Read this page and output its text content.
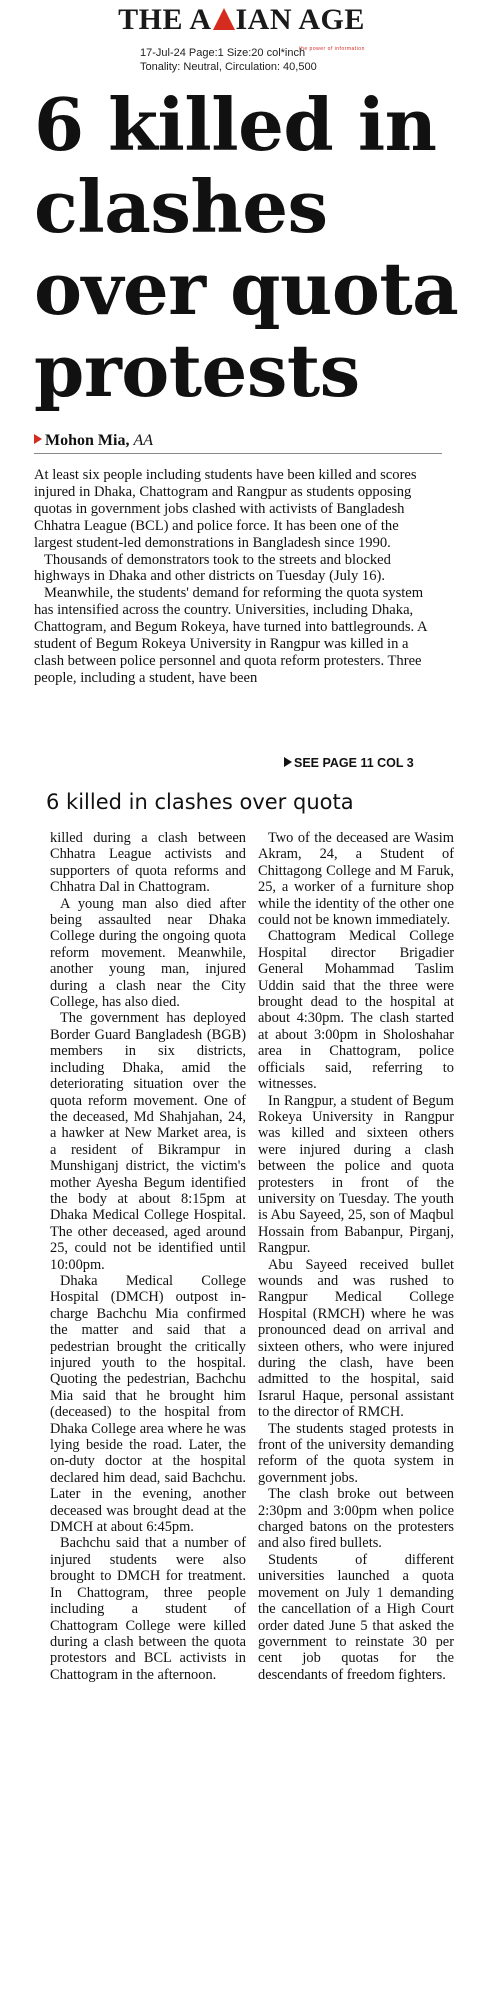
THE A IAN AGE
the power of information
17-Jul-24 Page:1 Size:20 col*inch
Tonality: Neutral, Circulation: 40,500
6 killed in clashes over quota protests
Mohon Mia, AA

At least six people including students have been killed and scores injured in Dhaka, Chattogram and Rangpur as students opposing quotas in government jobs clashed with activists of Bangladesh Chhatra League (BCL) and police force. It has been one of the largest student-led demonstrations in Bangladesh since 1990.

Thousands of demonstrators took to the streets and blocked highways in Dhaka and other districts on Tuesday (July 16).

Meanwhile, the students' demand for reforming the quota system has intensified across the country. Universities, including Dhaka, Chattogram, and Begum Rokeya, have turned into battlegrounds. A student of Begum Rokeya University in Rangpur was killed in a clash between police personnel and quota reform protesters. Three people, including a student, have been

SEE PAGE 11 COL 3
6 killed in clashes over quota

killed during a clash between Chhatra League activists and supporters of quota reforms and Chhatra Dal in Chattogram.

A young man also died after being assaulted near Dhaka College during the ongoing quota reform movement. Meanwhile, another young man, injured during a clash near the City College, has also died.

The government has deployed Border Guard Bangladesh (BGB) members in six districts, including Dhaka, amid the deteriorating situation over the quota reform movement. One of the deceased, Md Shahjahan, 24, a hawker at New Market area, is a resident of Bikrampur in Munshiganj district, the victim's mother Ayesha Begum identified the body at about 8:15pm at Dhaka Medical College Hospital. The other deceased, aged around 25, could not be identified until 10:00pm.

Dhaka Medical College Hospital (DMCH) outpost in-charge Bachchu Mia confirmed the matter and said that a pedestrian brought the critically injured youth to the hospital. Quoting the pedestrian, Bachchu Mia said that he brought him (deceased) to the hospital from Dhaka College area where he was lying beside the road. Later, the on-duty doctor at the hospital declared him dead, said Bachchu. Later in the evening, another deceased was brought dead at the DMCH at about 6:45pm.

Bachchu said that a number of injured students were also brought to DMCH for treatment. In Chattogram, three people including a student of Chattogram College were killed during a clash between the quota protestors and BCL activists in Chattogram in the afternoon.

Two of the deceased are Wasim Akram, 24, a Student of Chittagong College and M Faruk, 25, a worker of a furniture shop while the identity of the other one could not be known immediately.

Chattogram Medical College Hospital director Brigadier General Mohammad Taslim Uddin said that the three were brought dead to the hospital at about 4:30pm. The clash started at about 3:00pm in Sholoshahar area in Chattogram, police officials said, referring to witnesses.

In Rangpur, a student of Begum Rokeya University in Rangpur was killed and sixteen others were injured during a clash between the police and quota protesters in front of the university on Tuesday. The youth is Abu Sayeed, 25, son of Maqbul Hossain from Babanpur, Pirganj, Rangpur.

Abu Sayeed received bullet wounds and was rushed to Rangpur Medical College Hospital (RMCH) where he was pronounced dead on arrival and sixteen others, who were injured during the clash, have been admitted to the hospital, said Israrul Haque, personal assistant to the director of RMCH.

The students staged protests in front of the university demanding reform of the quota system in government jobs.

The clash broke out between 2:30pm and 3:00pm when police charged batons on the protesters and also fired bullets.

Students of different universities launched a quota movement on July 1 demanding the cancellation of a High Court order dated June 5 that asked the government to reinstate 30 per cent job quotas for the descendants of freedom fighters.
